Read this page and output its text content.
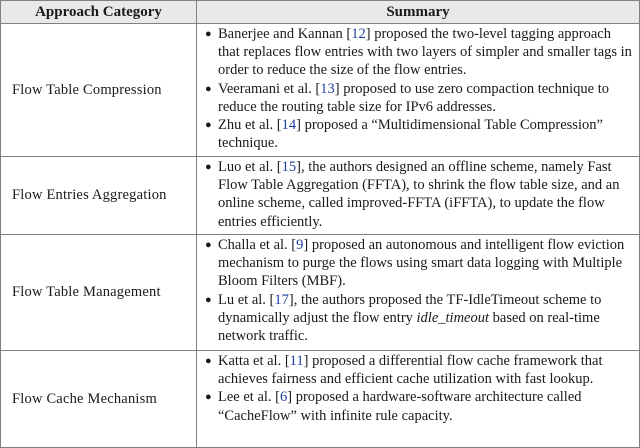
Approach Category	Summary
Flow Table Compression
● Banerjee and Kannan [12] proposed the two-level tagging approach that replaces flow entries with two layers of simpler and smaller tags in order to reduce the size of the flow entries.
● Veeramani et al. [13] proposed to use zero compaction technique to reduce the routing table size for IPv6 addresses.
● Zhu et al. [14] proposed a “Multidimensional Table Compression” technique.
Flow Entries Aggregation
● Luo et al. [15], the authors designed an offline scheme, namely Fast Flow Table Aggregation (FFTA), to shrink the flow table size, and an online scheme, called improved-FFTA (iFFTA), to update the flow entries efficiently.
Flow Table Management
● Challa et al. [9] proposed an autonomous and intelligent flow eviction mechanism to purge the flows using smart data logging with Multiple Bloom Filters (MBF).
● Lu et al. [17], the authors proposed the TF-IdleTimeout scheme to dynamically adjust the flow entry idle_timeout based on real-time network traffic.
Flow Cache Mechanism
● Katta et al. [11] proposed a differential flow cache framework that achieves fairness and efficient cache utilization with fast lookup.
● Lee et al. [6] proposed a hardware-software architecture called “CacheFlow” with infinite rule capacity.
